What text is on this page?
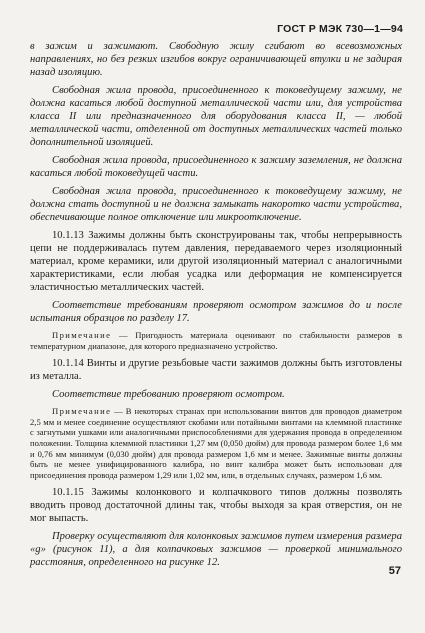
ГОСТ Р МЭК 730—1—94

в зажим и зажимают. Свободную жилу сгибают во всевозможных направлениях, но без резких изгибов вокруг ограничивающей втулки и не задирая назад изоляцию.

Свободная жила провода, присоединенного к токоведущему зажиму, не должна касаться любой доступной металлической части или, для устройства класса II или предназначенного для оборудования класса II, — любой металлической части, отделенной от доступных металлических частей только дополнительной изоляцией.

Свободная жила провода, присоединенного к зажиму заземления, не должна касаться любой токоведущей части.

Свободная жила провода, присоединенного к токоведущему зажиму, не должна стать доступной и не должна замыкать накоротко части устройства, обеспечивающие полное отключение или микроотключение.

10.1.13 Зажимы должны быть сконструированы так, чтобы непрерывность цепи не поддерживалась путем давления, передаваемого через изоляционный материал, кроме керамики, или другой изоляционный материал с аналогичными характеристиками, если любая усадка или деформация не компенсируется эластичностью металлических частей.

Соответствие требованиям проверяют осмотром зажимов до и после испытания образцов по разделу 17.

Примечание — Пригодность материала оценивают по стабильности размеров в температурном диапазоне, для которого предназначено устройство.

10.1.14 Винты и другие резьбовые части зажимов должны быть изготовлены из металла.

Соответствие требованию проверяют осмотром.

Примечание — В некоторых странах при использовании винтов для проводов диаметром 2,5 мм и менее соединение осуществляют скобами или потайными винтами на клеммной пластинке с загнутыми ушками или аналогичными приспособлениями для удержания провода в определенном положении. Толщина клеммной пластинки 1,27 мм (0,050 дюйм) для провода размером более 1,6 мм и 0,76 мм минимум (0,030 дюйм) для провода размером 1,6 мм и менее. Зажимные винты должны быть не менее унифицированного калибра, но винт калибра может быть использован для присоединения провода размером 1,29 или 1,02 мм, или, в отдельных случаях, размером 1,6 мм.

10.1.15 Зажимы колонкового и колпачкового типов должны позволять вводить провод достаточной длины так, чтобы выходя за края отверстия, он не мог выпасть.

Проверку осуществляют для колонковых зажимов путем измерения размера «g» (рисунок 11), а для колпачковых зажимов — проверкой минимального расстояния, определенного на рисунке 12.

57
